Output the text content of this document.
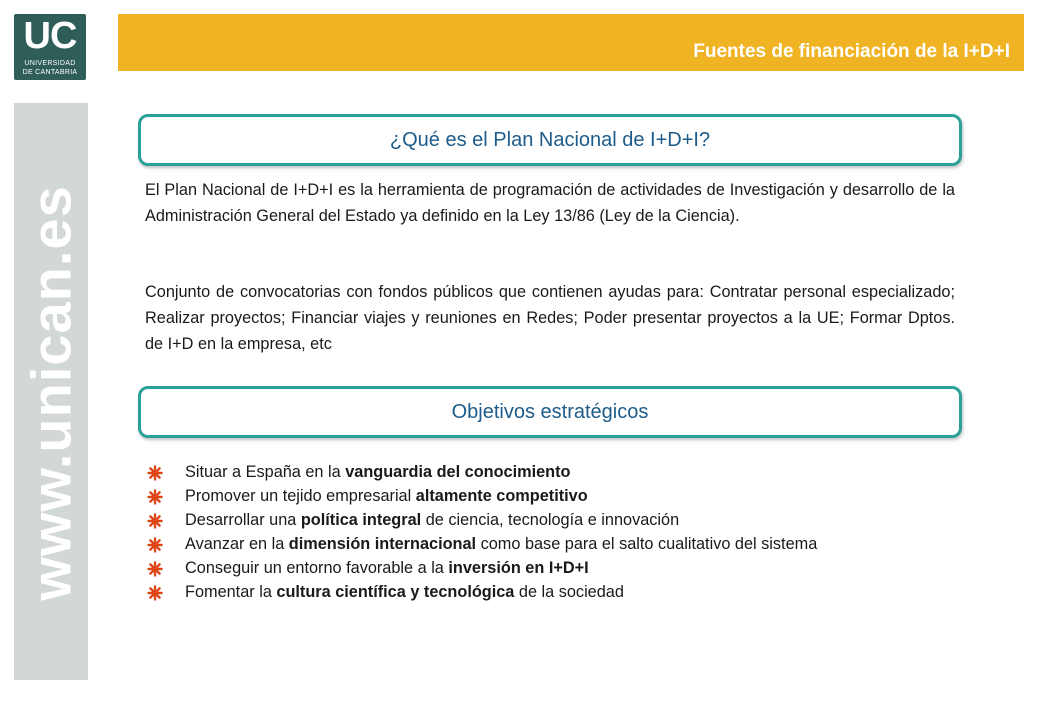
UC
UNIVERSIDAD
DE CANTABRIA
Fuentes de financiación de la I+D+I
www.unican.es
¿Qué es el Plan Nacional de I+D+I?
El Plan Nacional de I+D+I es la herramienta de programación de actividades de Investigación y desarrollo de la Administración General del Estado ya definido en la Ley 13/86 (Ley de la Ciencia).
Conjunto de convocatorias con fondos públicos que contienen ayudas para: Contratar personal especializado; Realizar proyectos; Financiar viajes y reuniones en Redes; Poder presentar proyectos a la UE; Formar Dptos. de I+D en la empresa, etc
Objetivos estratégicos
Situar a España en la vanguardia del conocimiento
Promover un tejido empresarial altamente competitivo
Desarrollar una política integral de ciencia, tecnología e innovación
Avanzar en la dimensión internacional como base para el salto cualitativo del sistema
Conseguir un entorno favorable a la inversión en I+D+I
Fomentar la cultura científica y tecnológica de la sociedad
